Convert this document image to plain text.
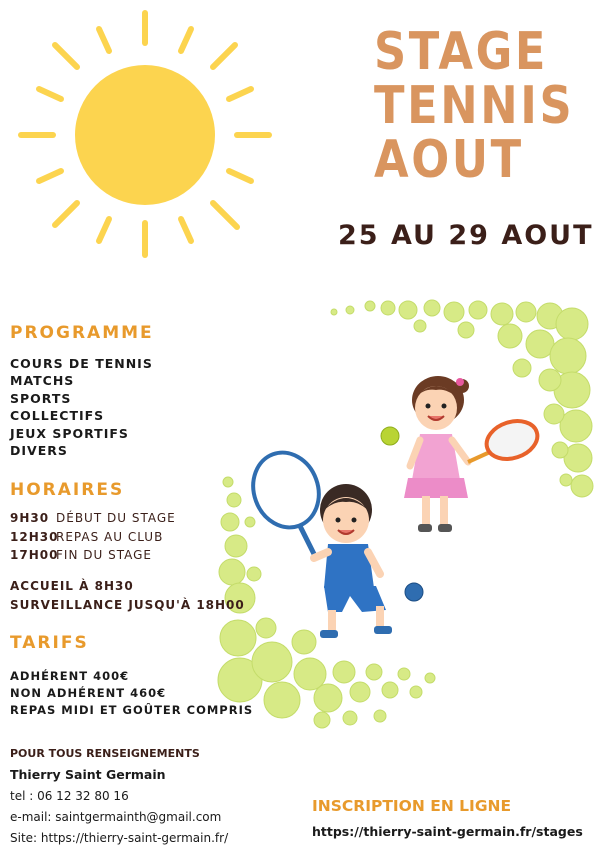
STAGE
TENNIS
AOUT
25 AU 29 AOUT
PROGRAMME
COURS DE TENNIS
MATCHS
SPORTS
COLLECTIFS
JEUX SPORTIFS
DIVERS
HORAIRES
9H30 DÉBUT DU STAGE
12H30REPAS AU CLUB
17H00FIN DU STAGE
ACCUEIL À 8H30
SURVEILLANCE JUSQU'À 18H00
TARIFS
ADHÉRENT 400€
NON ADHÉRENT 460€
REPAS MIDI ET GOÛTER COMPRIS
POUR TOUS RENSEIGNEMENTS
Thierry Saint Germain
tel : 06 12 32 80 16
e-mail: saintgermainth@gmail.com
Site: https://thierry-saint-germain.fr/
INSCRIPTION EN LIGNE
https://thierry-saint-germain.fr/stages
